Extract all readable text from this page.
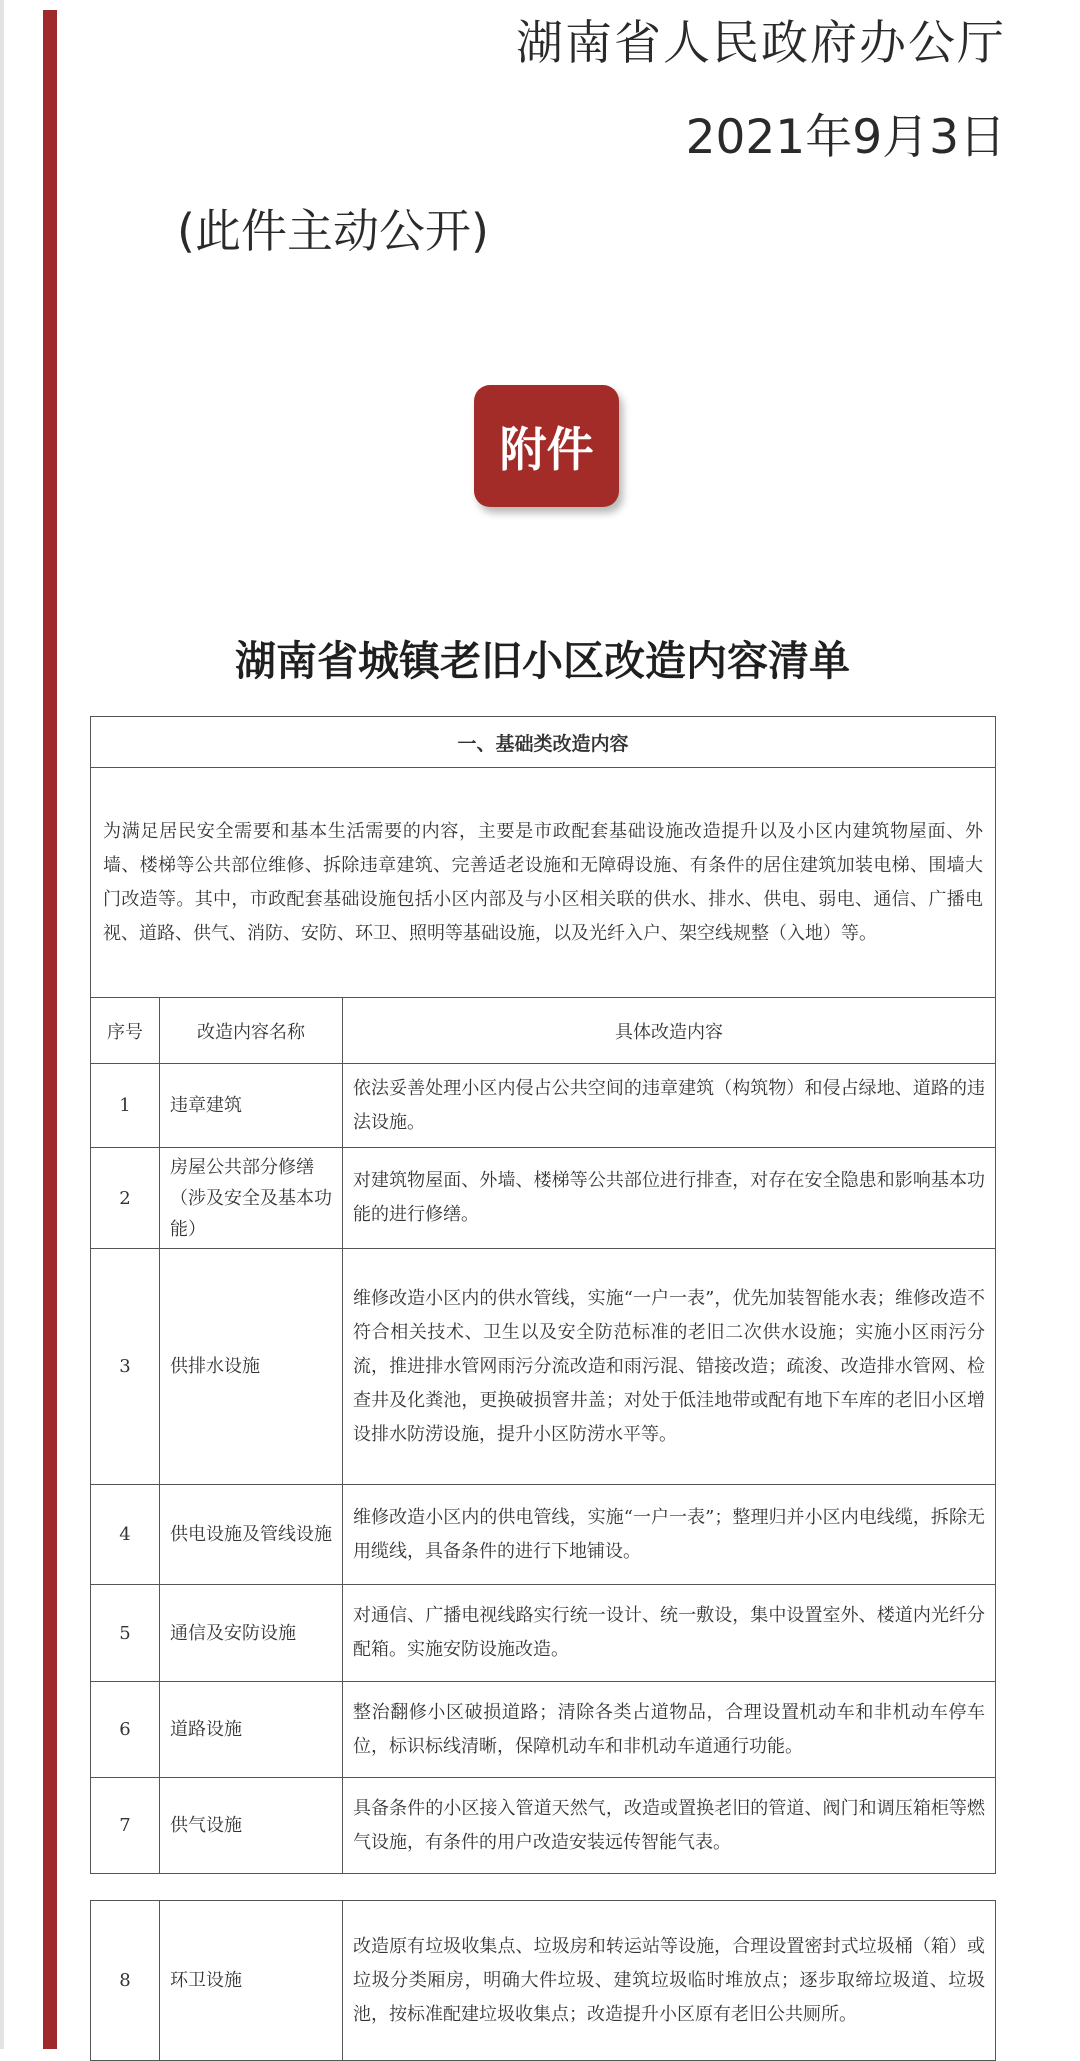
湖南省人民政府办公厅
2021年9月3日
(此件主动公开)
附件
湖南省城镇老旧小区改造内容清单
一、基础类改造内容		
为满足居民安全需要和基本生活需要的内容，主要是市政配套基础设施改造提升以及小区内建筑物屋面、外墙、楼梯等公共部位维修、拆除违章建筑、完善适老设施和无障碍设施、有条件的居住建筑加装电梯、围墙大门改造等。其中，市政配套基础设施包括小区内部及与小区相关联的供水、排水、供电、弱电、通信、广播电视、道路、供气、消防、安防、环卫、照明等基础设施，以及光纤入户、架空线规整（入地）等。		
序号	改造内容名称	具体改造内容
1	违章建筑	依法妥善处理小区内侵占公共空间的违章建筑（构筑物）和侵占绿地、道路的违法设施。
2	房屋公共部分修缮（涉及安全及基本功能）	对建筑物屋面、外墙、楼梯等公共部位进行排查，对存在安全隐患和影响基本功能的进行修缮。
3	供排水设施	维修改造小区内的供水管线，实施“一户一表”，优先加装智能水表；维修改造不符合相关技术、卫生以及安全防范标准的老旧二次供水设施；实施小区雨污分流，推进排水管网雨污分流改造和雨污混、错接改造；疏浚、改造排水管网、检查井及化粪池，更换破损窨井盖；对处于低洼地带或配有地下车库的老旧小区增设排水防涝设施，提升小区防涝水平等。
4	供电设施及管线设施	维修改造小区内的供电管线，实施“一户一表”；整理归并小区内电线缆，拆除无用缆线，具备条件的进行下地铺设。
5	通信及安防设施	对通信、广播电视线路实行统一设计、统一敷设，集中设置室外、楼道内光纤分配箱。实施安防设施改造。
6	道路设施	整治翻修小区破损道路；清除各类占道物品，合理设置机动车和非机动车停车位，标识标线清晰，保障机动车和非机动车道通行功能。
7	供气设施	具备条件的小区接入管道天然气，改造或置换老旧的管道、阀门和调压箱柜等燃气设施，有条件的用户改造安装远传智能气表。
8	环卫设施	改造原有垃圾收集点、垃圾房和转运站等设施，合理设置密封式垃圾桶（箱）或垃圾分类厢房，明确大件垃圾、建筑垃圾临时堆放点；逐步取缔垃圾道、垃圾池，按标准配建垃圾收集点；改造提升小区原有老旧公共厕所。
